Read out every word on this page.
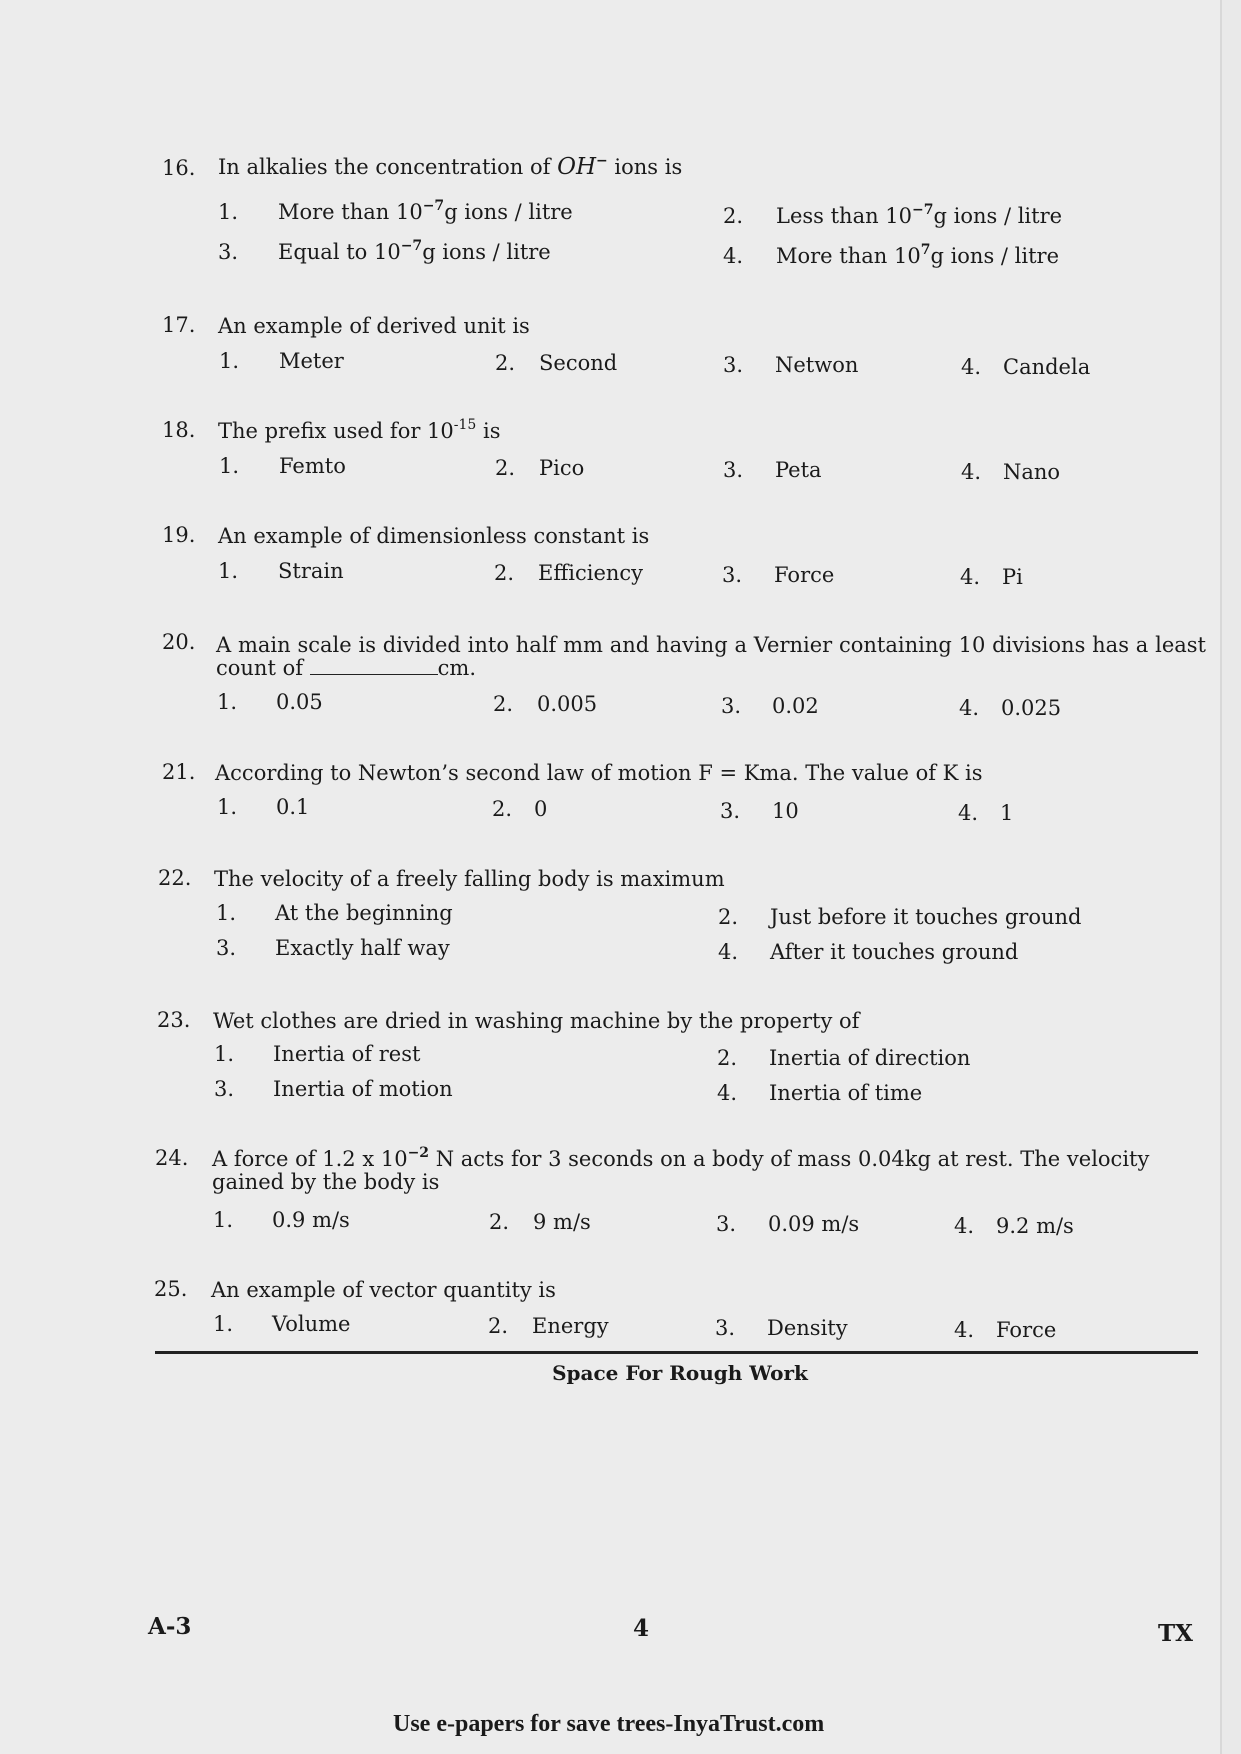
16. In alkalies the concentration of OH− ions is
1. More than $10^{-7}g$ ions / litre	2. Less than $10^{-7}g$ ions / litre
3. Equal to $10^{-7}g$ ions / litre	4. More than $10^7g$ ions / litre
17. An example of derived unit is
1. Meter	2. Second	3. Netwon	4. Candela
18. The prefix used for $10^{-15}$ is
1. Femto	2. Pico	3. Peta	4. Nano
19. An example of dimensionless constant is
1. Strain	2. Efficiency	3. Force	4. Pi
20. A main scale is divided into half mm and having a Vernier containing 10 divisions has a least count of	cm.
1. 0.05	2. 0.005	3. 0.02	4. 0.025
21. According to Newton’s second law of motion F = Kma. The value of K is
1. 0.1	2. 0	3. 10	4. 1
22. The velocity of a freely falling body is maximum
1. At the beginning	2. Just before it touches ground
3. Exactly half way	4. After it touches ground
23. Wet clothes are dried in washing machine by the property of
1. Inertia of rest	2. Inertia of direction
3. Inertia of motion	4. Inertia of time
24. A force of 1.2 x $10^{-2}$ N acts for 3 seconds on a body of mass 0.04kg at rest. The velocity gained by the body is
1. 0.9 m/s	2. 9 m/s	3. 0.09 m/s	4. 9.2 m/s
25. An example of vector quantity is
1. Volume	2. Energy	3. Density	4. Force
Space For Rough Work
A-3	4	TX
Use e-papers for save trees-InyaTrust.com
